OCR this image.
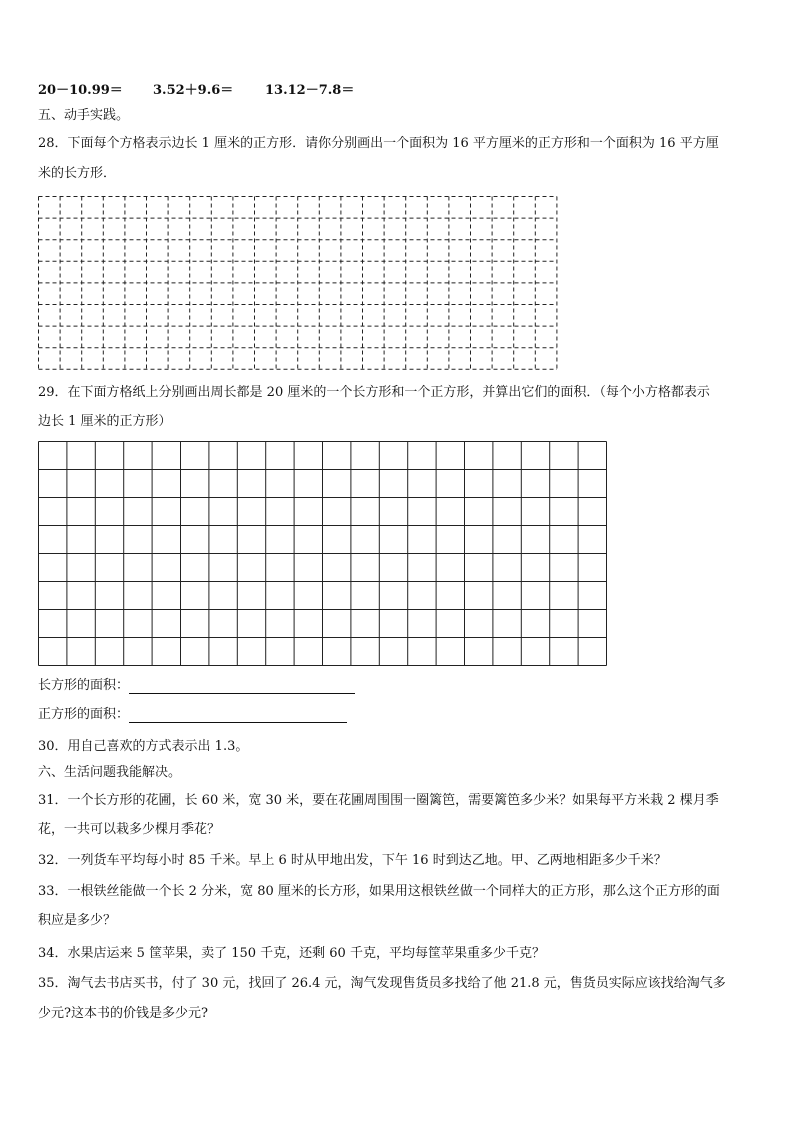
20－10.99＝ 3.52＋9.6＝ 13.12－7.8＝
五、动手实践。
28．下面每个方格表示边长 1 厘米的正方形．请你分别画出一个面积为 16 平方厘米的正方形和一个面积为 16 平方厘
米的长方形．
29．在下面方格纸上分别画出周长都是 20 厘米的一个长方形和一个正方形，并算出它们的面积．（每个小方格都表示
边长 1 厘米的正方形）
长方形的面积：
正方形的面积：
30．用自己喜欢的方式表示出 1.3。
六、生活问题我能解决。
31．一个长方形的花圃，长 60 米，宽 30 米，要在花圃周围围一圈篱笆，需要篱笆多少米？如果每平方米栽 2 棵月季
花，一共可以栽多少棵月季花？
32．一列货车平均每小时 85 千米。早上 6 时从甲地出发，下午 16 时到达乙地。甲、乙两地相距多少千米？
33．一根铁丝能做一个长 2 分米，宽 80 厘米的长方形，如果用这根铁丝做一个同样大的正方形，那么这个正方形的面
积应是多少？
34．水果店运来 5 筐苹果，卖了 150 千克，还剩 60 千克，平均每筐苹果重多少千克？
35．淘气去书店买书，付了 30 元，找回了 26.4 元，淘气发现售货员多找给了他 21.8 元，售货员实际应该找给淘气多
少元?这本书的价钱是多少元?
